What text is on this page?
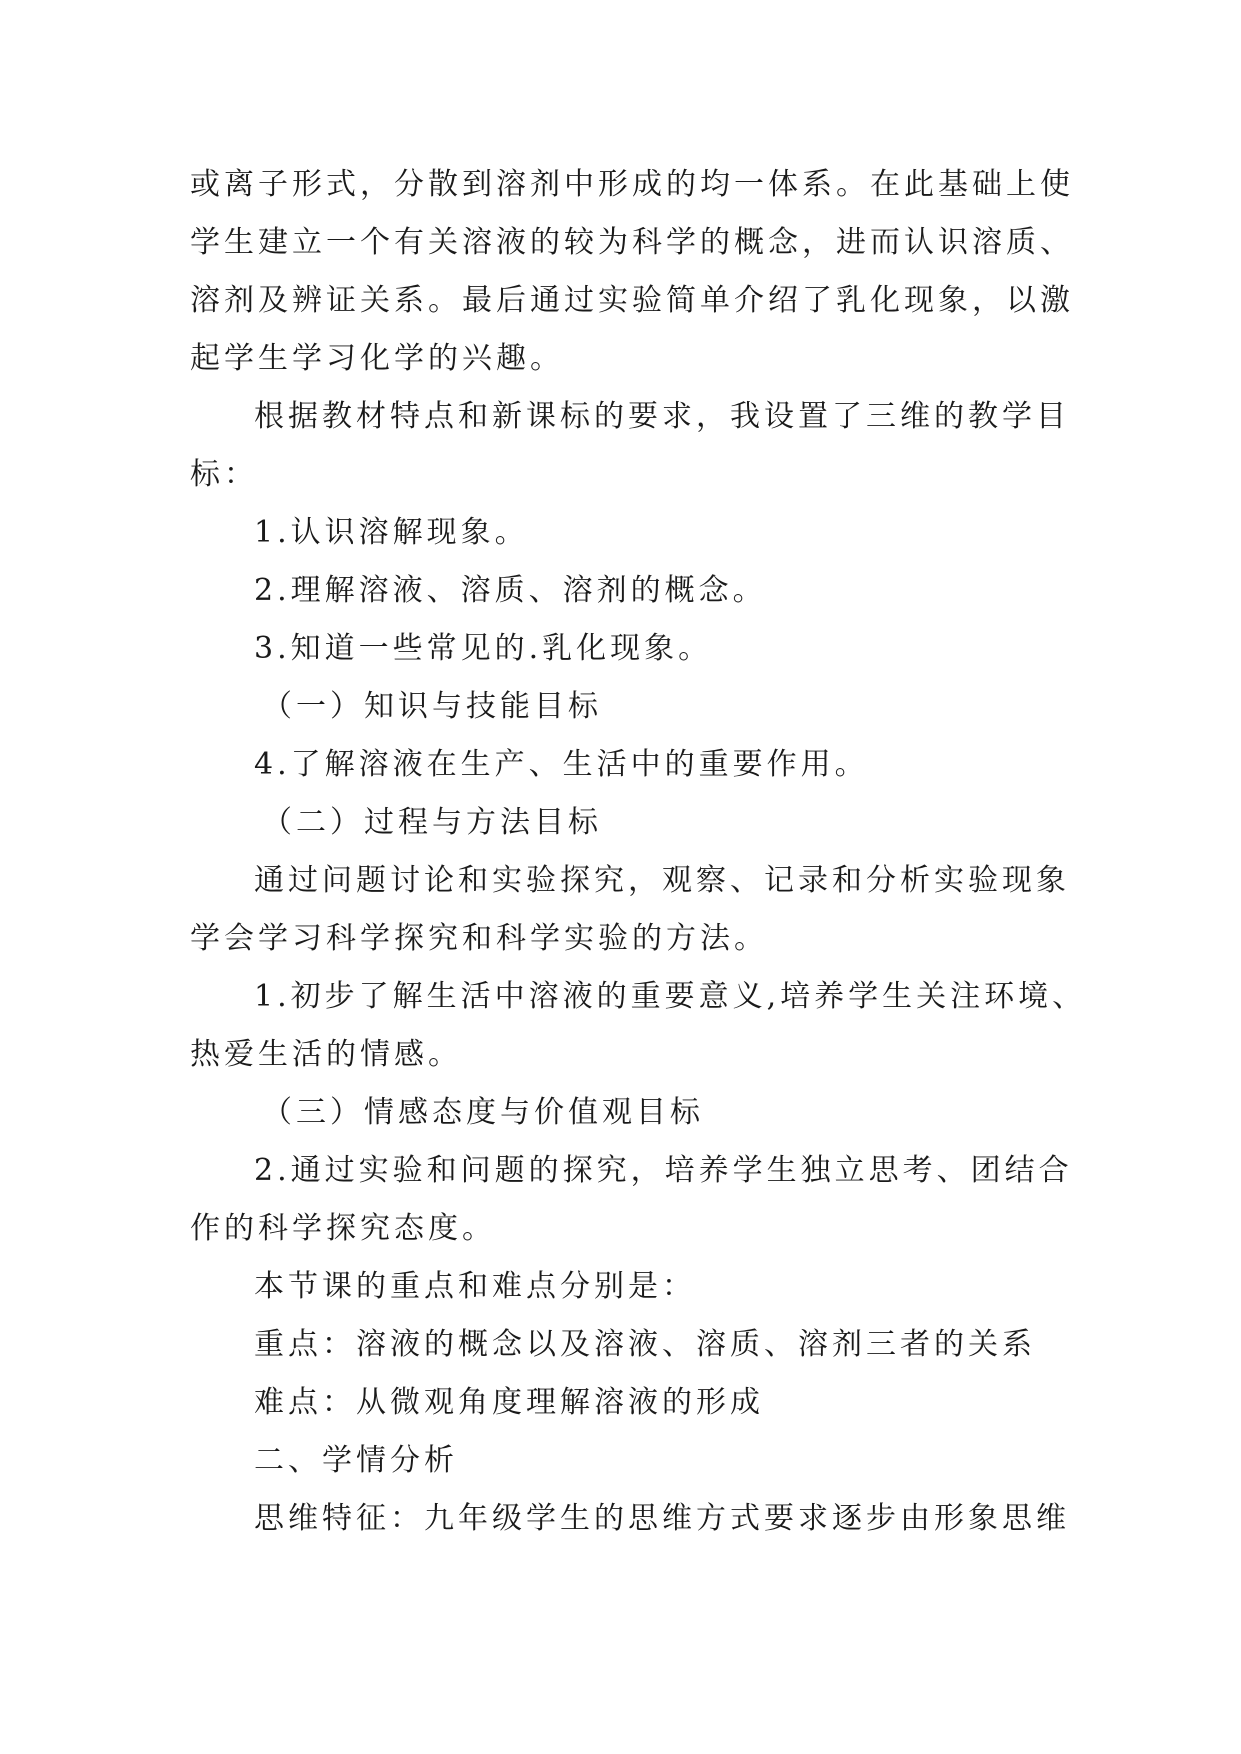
或离子形式，分散到溶剂中形成的均一体系。在此基础上使
学生建立一个有关溶液的较为科学的概念，进而认识溶质、
溶剂及辨证关系。最后通过实验简单介绍了乳化现象，以激
起学生学习化学的兴趣。
根据教材特点和新课标的要求，我设置了三维的教学目
标：
1.认识溶解现象。
2.理解溶液、溶质、溶剂的概念。
3.知道一些常见的.乳化现象。
（一）知识与技能目标
4.了解溶液在生产、生活中的重要作用。
（二）过程与方法目标
通过问题讨论和实验探究，观察、记录和分析实验现象
学会学习科学探究和科学实验的方法。
1.初步了解生活中溶液的重要意义,培养学生关注环境、
热爱生活的情感。
（三）情感态度与价值观目标
2.通过实验和问题的探究，培养学生独立思考、团结合
作的科学探究态度。
本节课的重点和难点分别是：
重点：溶液的概念以及溶液、溶质、溶剂三者的关系
难点：从微观角度理解溶液的形成
二、学情分析
思维特征：九年级学生的思维方式要求逐步由形象思维
